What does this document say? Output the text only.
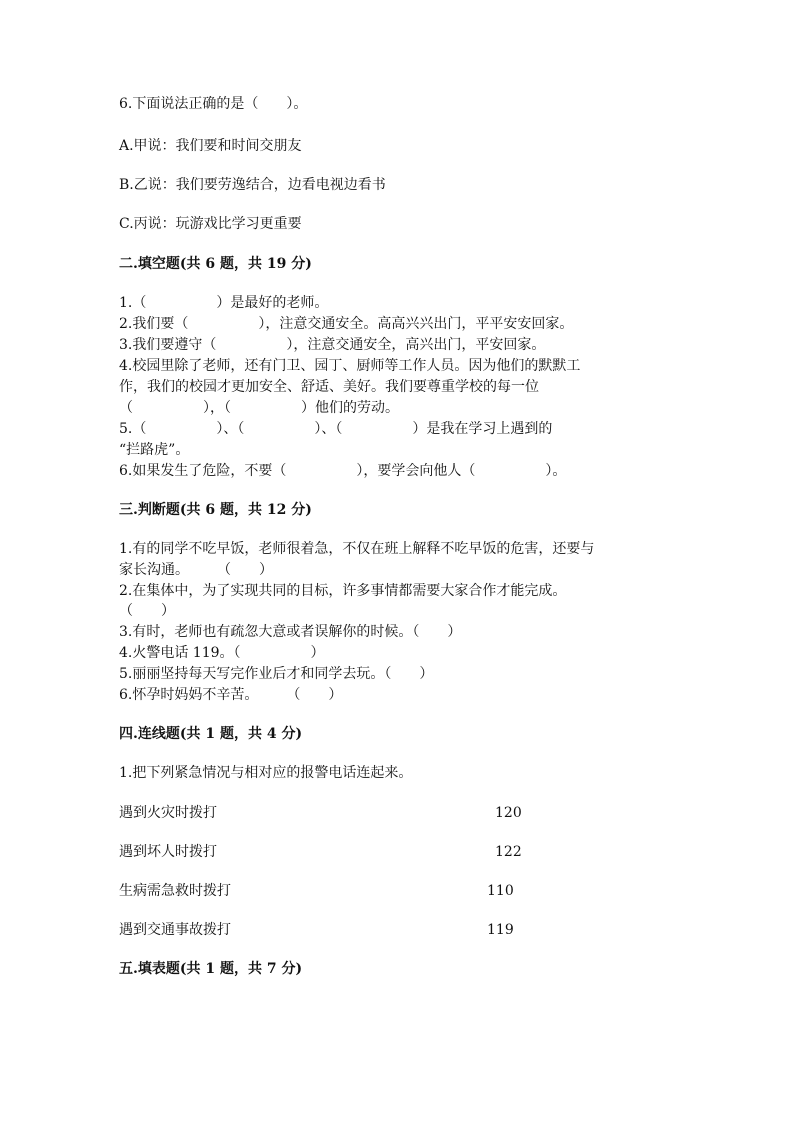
6.下面说法正确的是（　　）。
A.甲说：我们要和时间交朋友
B.乙说：我们要劳逸结合，边看电视边看书
C.丙说：玩游戏比学习更重要
二.填空题(共 6 题，共 19 分)
1.（　　　　　）是最好的老师。
2.我们要（　　　　　），注意交通安全。高高兴兴出门，平平安安回家。
3.我们要遵守（　　　　　），注意交通安全，高兴出门，平安回家。
4.校园里除了老师，还有门卫、园丁、厨师等工作人员。因为他们的默默工
作，我们的校园才更加安全、舒适、美好。我们要尊重学校的每一位
（　　　　　），（　　　　　）他们的劳动。
5.（　　　　　）、（　　　　　）、（　　　　　）是我在学习上遇到的
“拦路虎”。
6.如果发生了危险，不要（　　　　　），要学会向他人（　　　　　）。
三.判断题(共 6 题，共 12 分)
1.有的同学不吃早饭，老师很着急，不仅在班上解释不吃早饭的危害，还要与
家长沟通。　　　（　　）
2.在集体中，为了实现共同的目标，许多事情都需要大家合作才能完成。
（　　）
3.有时，老师也有疏忽大意或者误解你的时候。（　　）
4.火警电话 119。（　　　　　）
5.丽丽坚持每天写完作业后才和同学去玩。（　　）
6.怀孕时妈妈不辛苦。　　　（　　）
四.连线题(共 1 题，共 4 分)
1.把下列紧急情况与相对应的报警电话连起来。
遇到火灾时拨打	120
遇到坏人时拨打	122
生病需急救时拨打	110
遇到交通事故拨打	119
五.填表题(共 1 题，共 7 分)
